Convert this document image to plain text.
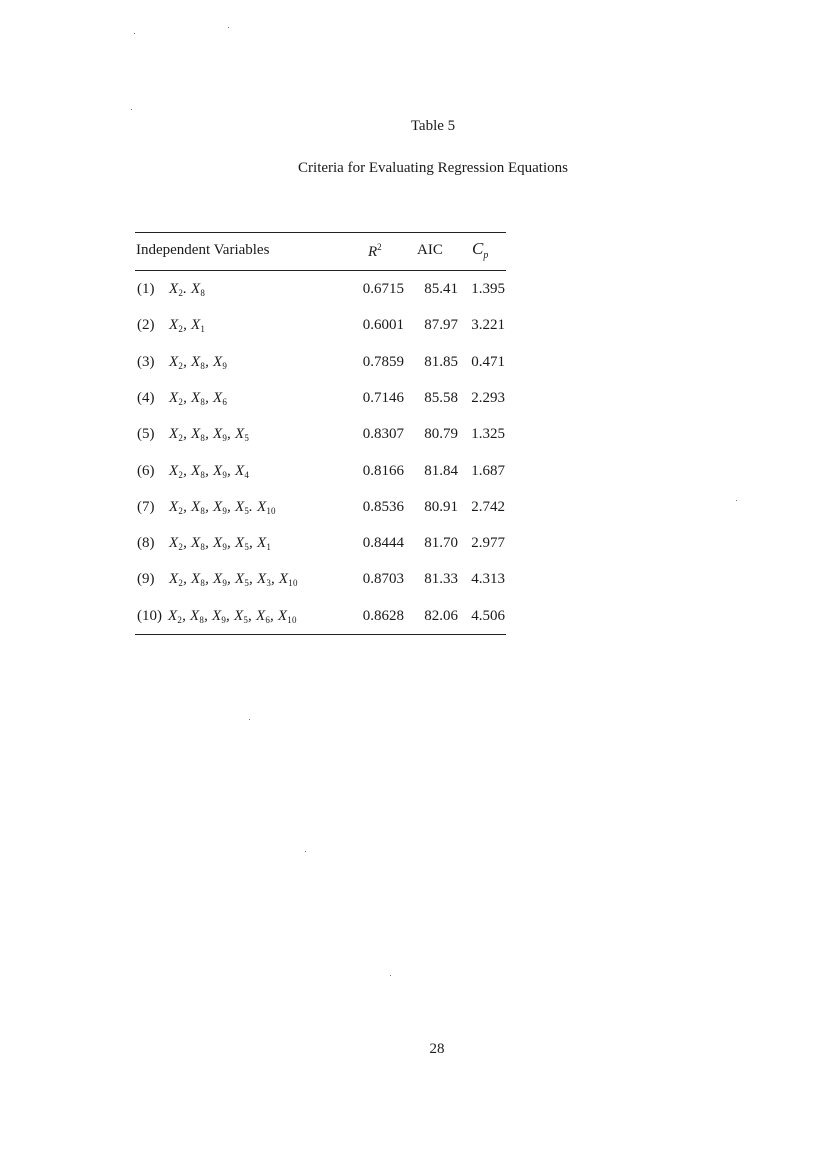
Table 5
Criteria for Evaluating Regression Equations
Independent Variables	$R^2$ AIC $C_p$
(1) $X_2$. $X_8$	0.6715 85.41 1.395
(2) $X_2$, $X_1$	0.6001 87.97 3.221
(3) $X_2$, $X_8$, $X_9$	0.7859 81.85 0.471
(4) $X_2$, $X_8$, $X_6$	0.7146 85.58 2.293
(5) $X_2$, $X_8$, $X_9$, $X_5$	0.8307 80.79 1.325
(6) $X_2$, $X_8$, $X_9$, $X_4$	0.8166 81.84 1.687
(7) $X_2$, $X_8$, $X_9$, $X_5$. $X_{10}$	0.8536 80.91 2.742
(8) $X_2$, $X_8$, $X_9$, $X_5$, $X_1$	0.8444 81.70 2.977
(9) $X_2$, $X_8$, $X_9$, $X_5$, $X_3$, $X_{10}$	0.8703 81.33 4.313
(10) $X_2$, $X_8$, $X_9$, $X_5$, $X_6$, $X_{10}$	0.8628 82.06 4.506
28
